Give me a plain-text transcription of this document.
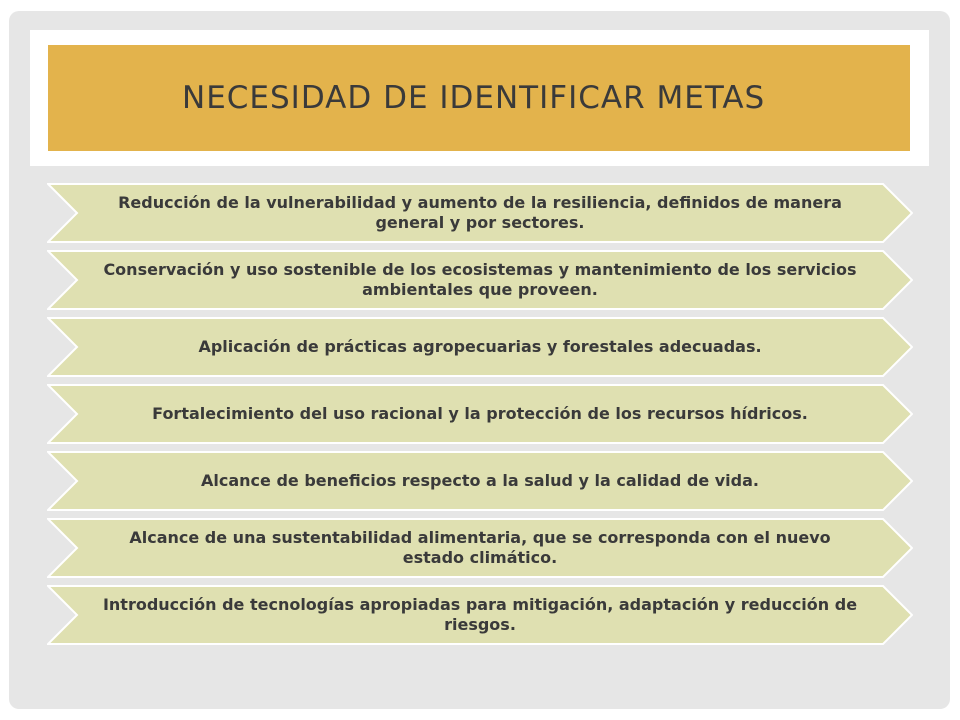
NECESIDAD DE IDENTIFICAR METAS
Reducción de la vulnerabilidad y aumento de la resiliencia, definidos de manera general y por sectores.
Conservación y uso sostenible de los ecosistemas y mantenimiento de los servicios ambientales que proveen.
Aplicación de prácticas agropecuarias y forestales adecuadas.
Fortalecimiento del uso racional y la protección de los recursos hídricos.
Alcance de beneficios respecto a la salud y la calidad de vida.
Alcance de una sustentabilidad alimentaria, que se corresponda con el nuevo estado climático.
Introducción de tecnologías apropiadas para mitigación, adaptación y reducción de riesgos.
